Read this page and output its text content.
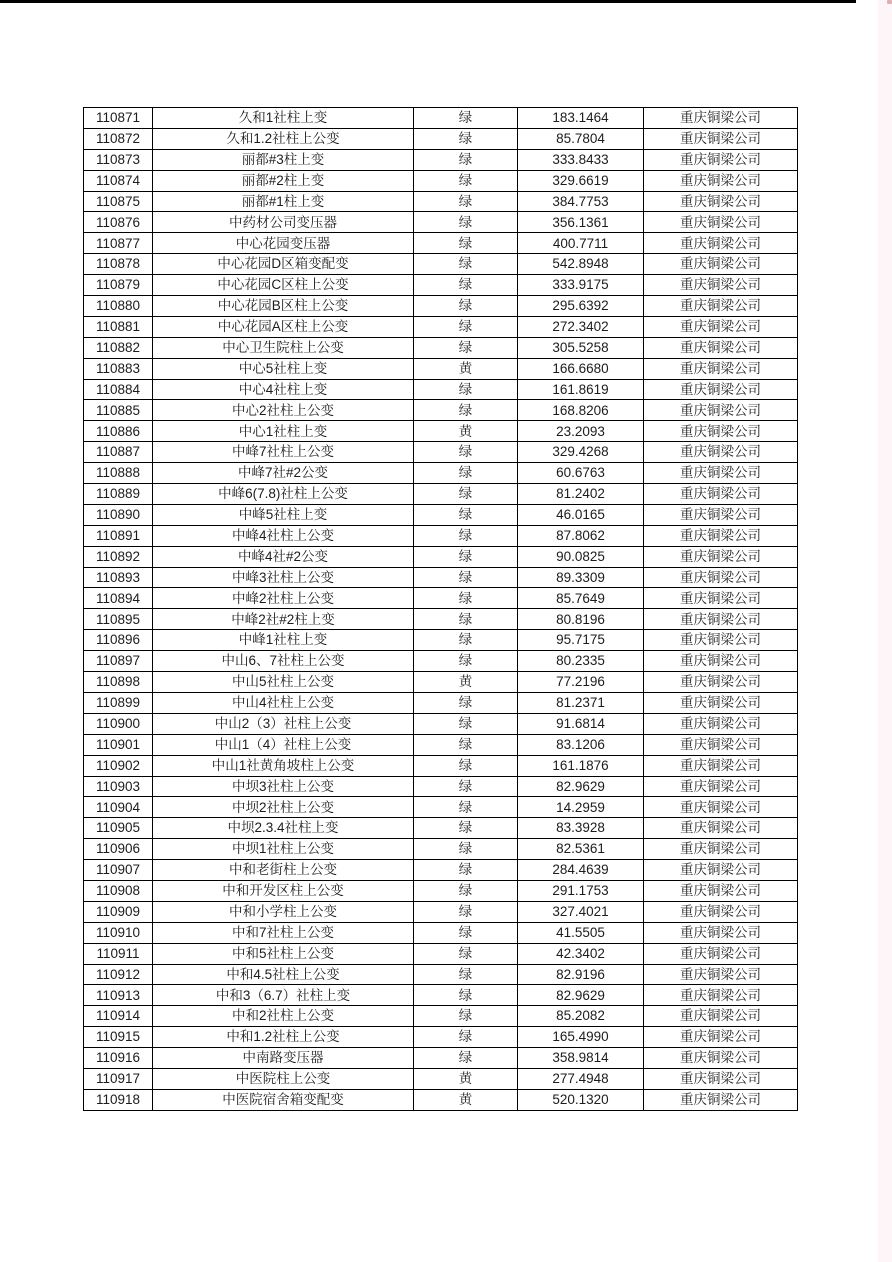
110871	久和1社柱上变	绿	183.1464	重庆铜梁公司
110872	久和1.2社柱上公变	绿	85.7804	重庆铜梁公司
110873	丽都#3柱上变	绿	333.8433	重庆铜梁公司
110874	丽都#2柱上变	绿	329.6619	重庆铜梁公司
110875	丽都#1柱上变	绿	384.7753	重庆铜梁公司
110876	中药材公司变压器	绿	356.1361	重庆铜梁公司
110877	中心花园变压器	绿	400.7711	重庆铜梁公司
110878	中心花园D区箱变配变	绿	542.8948	重庆铜梁公司
110879	中心花园C区柱上公变	绿	333.9175	重庆铜梁公司
110880	中心花园B区柱上公变	绿	295.6392	重庆铜梁公司
110881	中心花园A区柱上公变	绿	272.3402	重庆铜梁公司
110882	中心卫生院柱上公变	绿	305.5258	重庆铜梁公司
110883	中心5社柱上变	黄	166.6680	重庆铜梁公司
110884	中心4社柱上变	绿	161.8619	重庆铜梁公司
110885	中心2社柱上公变	绿	168.8206	重庆铜梁公司
110886	中心1社柱上变	黄	23.2093	重庆铜梁公司
110887	中峰7社柱上公变	绿	329.4268	重庆铜梁公司
110888	中峰7社#2公变	绿	60.6763	重庆铜梁公司
110889	中峰6(7.8)社柱上公变	绿	81.2402	重庆铜梁公司
110890	中峰5社柱上变	绿	46.0165	重庆铜梁公司
110891	中峰4社柱上公变	绿	87.8062	重庆铜梁公司
110892	中峰4社#2公变	绿	90.0825	重庆铜梁公司
110893	中峰3社柱上公变	绿	89.3309	重庆铜梁公司
110894	中峰2社柱上公变	绿	85.7649	重庆铜梁公司
110895	中峰2社#2柱上变	绿	80.8196	重庆铜梁公司
110896	中峰1社柱上变	绿	95.7175	重庆铜梁公司
110897	中山6、7社柱上公变	绿	80.2335	重庆铜梁公司
110898	中山5社柱上公变	黄	77.2196	重庆铜梁公司
110899	中山4社柱上公变	绿	81.2371	重庆铜梁公司
110900	中山2（3）社柱上公变	绿	91.6814	重庆铜梁公司
110901	中山1（4）社柱上公变	绿	83.1206	重庆铜梁公司
110902	中山1社黄角坡柱上公变	绿	161.1876	重庆铜梁公司
110903	中坝3社柱上公变	绿	82.9629	重庆铜梁公司
110904	中坝2社柱上公变	绿	14.2959	重庆铜梁公司
110905	中坝2.3.4社柱上变	绿	83.3928	重庆铜梁公司
110906	中坝1社柱上公变	绿	82.5361	重庆铜梁公司
110907	中和老街柱上公变	绿	284.4639	重庆铜梁公司
110908	中和开发区柱上公变	绿	291.1753	重庆铜梁公司
110909	中和小学柱上公变	绿	327.4021	重庆铜梁公司
110910	中和7社柱上公变	绿	41.5505	重庆铜梁公司
110911	中和5社柱上公变	绿	42.3402	重庆铜梁公司
110912	中和4.5社柱上公变	绿	82.9196	重庆铜梁公司
110913	中和3（6.7）社柱上变	绿	82.9629	重庆铜梁公司
110914	中和2社柱上公变	绿	85.2082	重庆铜梁公司
110915	中和1.2社柱上公变	绿	165.4990	重庆铜梁公司
110916	中南路变压器	绿	358.9814	重庆铜梁公司
110917	中医院柱上公变	黄	277.4948	重庆铜梁公司
110918	中医院宿舍箱变配变	黄	520.1320	重庆铜梁公司
